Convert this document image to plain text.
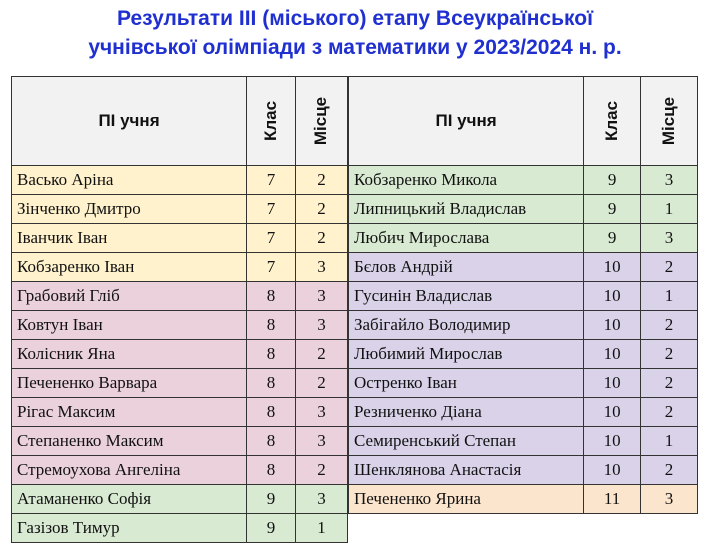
Результати ІІІ (міського) етапу Всеукраїнської
учнівської олімпіади з математики у 2023/2024 н. р.
ПІ учня	Клас	Місце
Васько Аріна	7	2
Зінченко Дмитро	7	2
Іванчик Іван	7	2
Кобзаренко Іван	7	3
Грабовий Гліб	8	3
Ковтун Іван	8	3
Колісник Яна	8	2
Печененко Варвара	8	2
Рігас Максим	8	3
Степаненко Максим	8	3
Стремоухова Ангеліна	8	2
Атаманенко Софія	9	3
Газізов Тимур	9	1
ПІ учня	Клас	Місце
Кобзаренко Микола	9	3
Липницький Владислав	9	1
Любич Мирослава	9	3
Бєлов Андрій	10	2
Гусинін Владислав	10	1
Забігайло Володимир	10	2
Любимий Мирослав	10	2
Остренко Іван	10	2
Резниченко Діана	10	2
Семиренський Степан	10	1
Шенклянова Анастасія	10	2
Печененко Ярина	11	3
